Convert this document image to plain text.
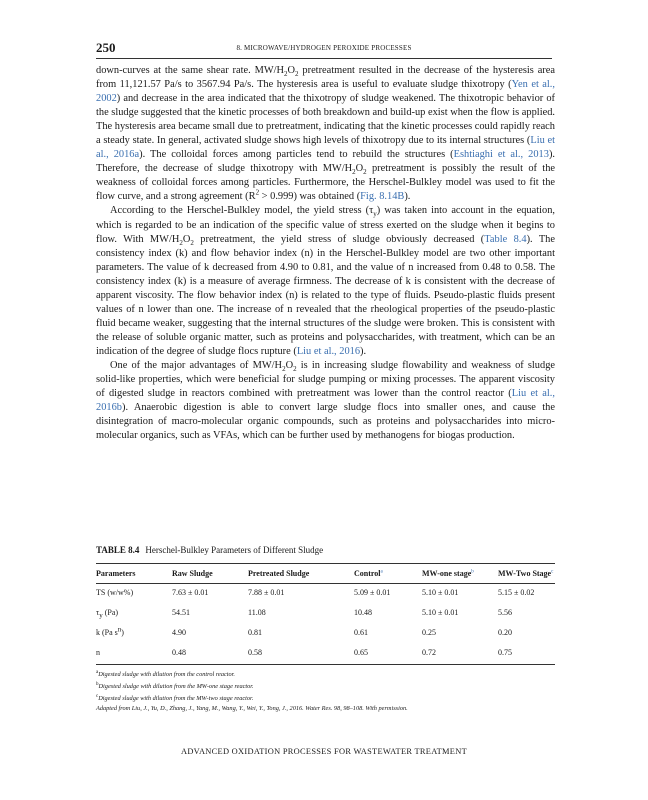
250	8. MICROWAVE/HYDROGEN PEROXIDE PROCESSES

down-curves at the same shear rate. $MW/H_2O_2$ pretreatment resulted in the decrease of the hysteresis area from 11,121.57 Pa/s to 3567.94 Pa/s. The hysteresis area is useful to evaluate sludge thixotropy (Yen et al., 2002) and decrease in the area indicated that the thixotropy of sludge weakened. The thixotropic behavior of the sludge suggested that the kinetic processes of both breakdown and build-up exist when the flow is applied. The hysteresis area became small due to pretreatment, indicating that the kinetic processes could rapidly reach a steady state. In general, activated sludge shows high levels of thixotropy due to its internal structures (Liu et al., 2016a). The colloidal forces among particles tend to rebuild the structures (Eshtiaghi et al., 2013). Therefore, the decrease of sludge thixotropy with $MW/H_2O_2$ pretreatment is possibly the result of the weakness of colloidal forces among particles. Furthermore, the Herschel-Bulkley model was used to fit the flow curve, and a strong agreement $(R^2 > 0.999)$ was obtained (Fig. 8.14B).

According to the Herschel-Bulkley model, the yield stress $(\tau_y)$ was taken into account in the equation, which is regarded to be an indication of the specific value of stress exerted on the sludge when it begins to flow. With $MW/H_2O_2$ pretreatment, the yield stress of sludge obviously decreased (Table 8.4). The consistency index (k) and flow behavior index (n) in the Herschel-Bulkley model are two other important parameters. The value of k decreased from 4.90 to 0.81, and the value of n increased from 0.48 to 0.58. The consistency index (k) is a measure of average firmness. The decrease of k is consistent with the decrease of apparent viscosity. The flow behavior index (n) is related to the type of fluids. Pseudo-plastic fluids present values of n lower than one. The increase of n revealed that the rheological properties of the pseudo-plastic fluid became weaker, suggesting that the internal structures of the sludge were broken. This is consistent with the release of soluble organic matter, such as proteins and polysaccharides, with treatment, which can be an indication of the degree of sludge flocs rupture (Liu et al., 2016).

One of the major advantages of $MW/H_2O_2$ is in increasing sludge flowability and weakness of sludge solid-like properties, which were beneficial for sludge pumping or mixing processes. The apparent viscosity of digested sludge in reactors combined with pretreatment was lower than the control reactor (Liu et al., 2016b). Anaerobic digestion is able to convert large sludge flocs into smaller ones, and cause the disintegration of macro-molecular organic compounds, such as proteins and polysaccharides into micro-molecular organics, such as VFAs, which can be further used by methanogens for biogas production.

TABLE 8.4 Herschel-Bulkley Parameters of Different Sludge
Parameters	Raw Sludge	Pretreated Sludge	Control$^a$	MW-one stage$^b$	MW-Two Stage$^c$
TS (w/w%)	7.63 ± 0.01	7.88 ± 0.01	5.09 ± 0.01	5.10 ± 0.01	5.15 ± 0.02
$\tau_y$ (Pa)	54.51	11.08	10.48	5.10 ± 0.01	5.56
k (Pa $s^n$)	4.90	0.81	0.61	0.25	0.20
n	0.48	0.58	0.65	0.72	0.75
$^a$Digested sludge with dilution from the control reactor.
$^b$Digested sludge with dilution from the MW-one stage reactor.
$^c$Digested sludge with dilution from the MW-two stage reactor.
Adapted from Liu, J., Yu, D., Zhang, J., Yang, M., Wang, Y., Wei, Y., Tong, J., 2016. Water Res. 98, 98–108. With permission.
ADVANCED OXIDATION PROCESSES FOR WASTEWATER TREATMENT
